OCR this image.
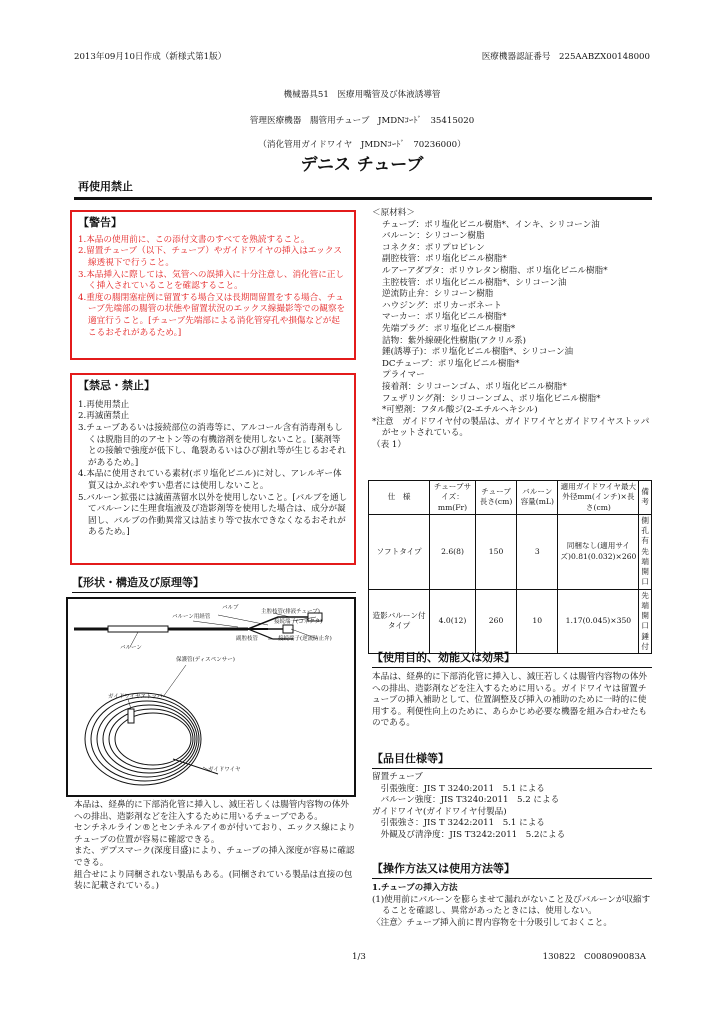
2013年09月10日作成（新様式第1版）	医療機器認証番号　225AABZX00148000
機械器具51　医療用嘴管及び体液誘導管
管理医療機器　腸管用チューブ　JMDNｺｰﾄﾞ　35415020
（消化管用ガイドワイヤ　JMDNｺｰﾄﾞ　70236000）
デニス チューブ
再使用禁止
【警告】
1.本品の使用前に、この添付文書のすべてを熟読すること。
2.留置チューブ（以下、チューブ）やガイドワイヤの挿入はエックス線透視下で行うこと。
3.本品挿入に際しては、気管への誤挿入に十分注意し、消化管に正しく挿入されていることを確認すること。
4.重度の腸閉塞症例に留置する場合又は長期間留置をする場合、チューブ先端部の腸管の状態や留置状況のエックス線撮影等での観察を適宜行うこと。[チューブ先端部による消化管穿孔や損傷などが起こるおそれがあるため。]
【禁忌・禁止】
1.再使用禁止
2.再滅菌禁止
3.チューブあるいは接続部位の消毒等に、アルコール含有消毒剤もしくは脱脂目的のアセトン等の有機溶剤を使用しないこと。[薬剤等との接触で強度が低下し、亀裂あるいはひび割れ等が生じるおそれがあるため。]
4.本品に使用されている素材(ポリ塩化ビニル)に対し、アレルギー体質又はかぶれやすい患者には使用しないこと。
5.バルーン拡張には滅菌蒸留水以外を使用しないこと。[バルブを通してバルーンに生理食塩液及び造影剤等を使用した場合は、成分が凝固し、バルブの作動異常又は詰まり等で抜水できなくなるおそれがあるため。]
【形状・構造及び原理等】
バルブ
バルーン用経管
主腔枝管(排液チューブ)
接続端子(コネクタ)
副腔枝管	接続端子(逆流防止弁)
バルーン
保護管(ディスペンサー)
ガイドワイヤストッパ
ガイドワイヤ
本品は、経鼻的に下部消化管に挿入し、減圧若しくは腸管内容物の体外への排出、造影剤などを注入するために用いるチューブである。
センチネルライン®とセンチネルアイ®が付いており、エックス線によりチューブの位置が容易に確認できる。
また、デプスマーク(深度目盛)により、チューブの挿入深度が容易に確認できる。
組合せにより同梱されない製品もある。(同梱されている製品は直接の包装に記載されている。)
＜原材料＞
チューブ：ポリ塩化ビニル樹脂*、インキ、シリコーン油
バルーン：シリコーン樹脂
コネクタ：ポリプロピレン
副腔枝管：ポリ塩化ビニル樹脂*
ルアーアダプタ：ポリウレタン樹脂、ポリ塩化ビニル樹脂*
主腔枝管：ポリ塩化ビニル樹脂*、シリコーン油
逆流防止弁：シリコーン樹脂
ハウジング：ポリカーボネート
マーカー：ポリ塩化ビニル樹脂*
先端プラグ：ポリ塩化ビニル樹脂*
詰物：紫外線硬化性樹脂(アクリル系)
錘(誘導子)：ポリ塩化ビニル樹脂*、シリコーン油
DCチューブ：ポリ塩化ビニル樹脂*
プライマー
接着剤：シリコーンゴム、ポリ塩化ビニル樹脂*
フェザリング剤：シリコーンゴム、ポリ塩化ビニル樹脂*
*可塑剤：フタル酸ジ(2-エチルヘキシル)
*注意　ガイドワイヤ付の製品は、ガイドワイヤとガイドワイヤストッパがセットされている。
（表 1）
仕　様	チューブサイズ：mm(Fr)	チューブ長さ(cm)	バルーン容量(mL)	適用ガイドワイヤ最大外径mm(インチ)×長さ(cm)	備考
ソフトタイプ	2.6(8)	150	3	同梱なし(適用サイズ)0.81(0.032)×260	側孔有先端開口
造影バルーン付タイプ	4.0(12)	260	10	1.17(0.045)×350	先端開口錘付
【使用目的、効能又は効果】
本品は、経鼻的に下部消化管に挿入し、減圧若しくは腸管内容物の体外への排出、造影剤などを注入するために用いる。ガイドワイヤは留置チューブの挿入補助として、位置調整及び挿入の補助のために一時的に使用する。利便性向上のために、あらかじめ必要な機器を組み合わせたものである。
【品目仕様等】
留置チューブ
　引張強度：JIS T 3240:2011　5.1 による
　バルーン強度：JIS T3240:2011　5.2 による
ガイドワイヤ(ガイドワイヤ付製品)
　引張強さ：JIS T 3242:2011　5.1 による
　外観及び清浄度：JIS T3242:2011　5.2による
【操作方法又は使用方法等】
1.チューブの挿入方法
(1)使用前にバルーンを膨らませて漏れがないこと及びバルーンが収縮することを確認し、異常があったときには、使用しない。
〈注意〉チューブ挿入前に胃内容物を十分吸引しておくこと。
1/3	130822　C008090083A
